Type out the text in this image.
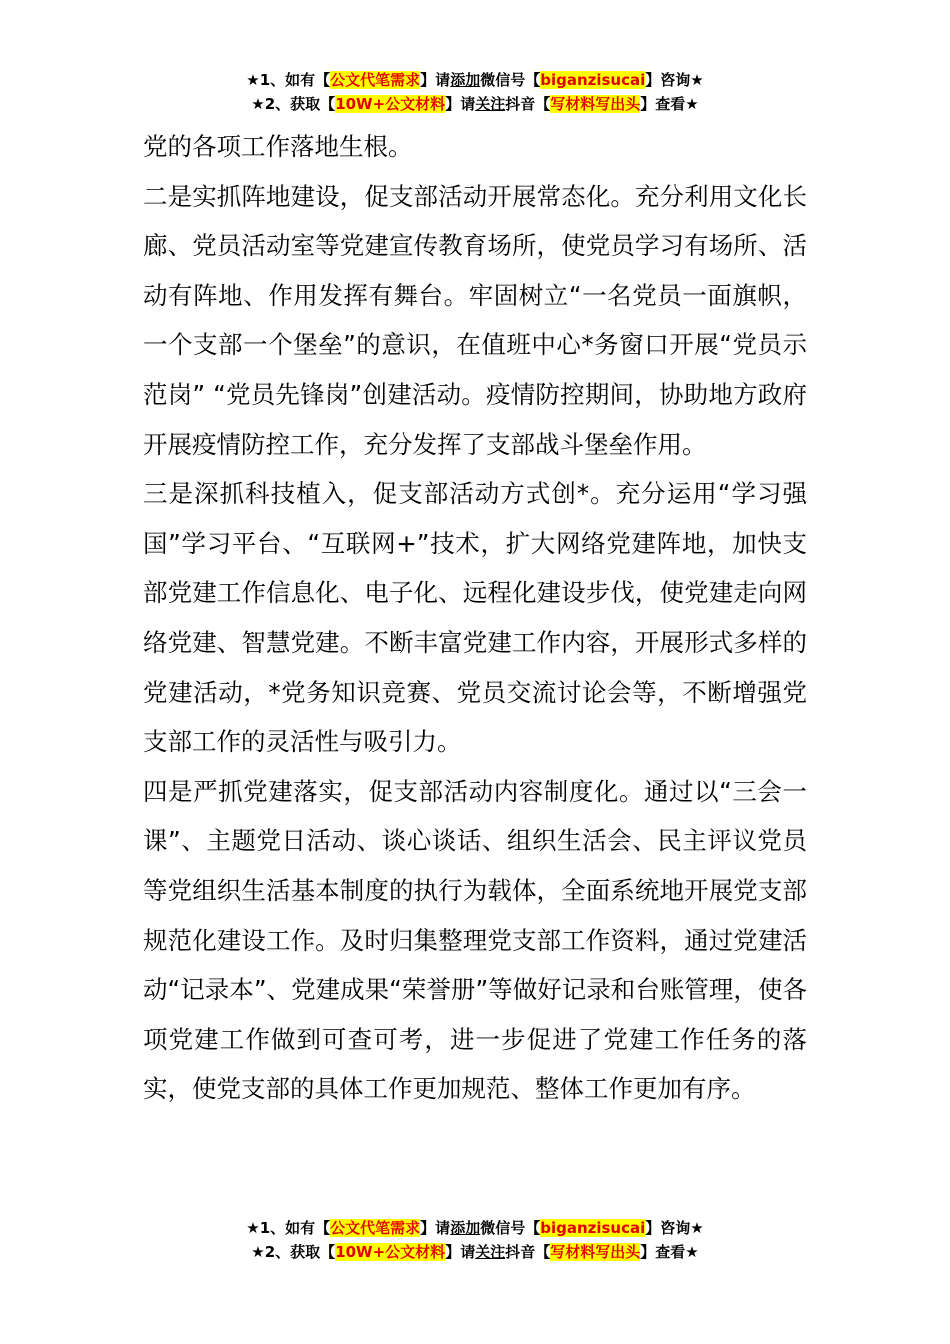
★1、如有【公文代笔需求】请添加微信号【biganzisucai】咨询★
★2、获取【10W+公文材料】请关注抖音【写材料写出头】查看★

党的各项工作落地生根。

二是实抓阵地建设，促支部活动开展常态化。充分利用文化长廊、党员活动室等党建宣传教育场所，使党员学习有场所、活动有阵地、作用发挥有舞台。牢固树立“一名党员一面旗帜，一个支部一个堡垒”的意识，在值班中心*务窗口开展“党员示范岗” “党员先锋岗”创建活动。疫情防控期间，协助地方政府开展疫情防控工作，充分发挥了支部战斗堡垒作用。

三是深抓科技植入，促支部活动方式创*。充分运用“学习强国”学习平台、“互联网+”技术，扩大网络党建阵地，加快支部党建工作信息化、电子化、远程化建设步伐，使党建走向网络党建、智慧党建。不断丰富党建工作内容，开展形式多样的党建活动，*党务知识竞赛、党员交流讨论会等，不断增强党支部工作的灵活性与吸引力。

四是严抓党建落实，促支部活动内容制度化。通过以“三会一课”、主题党日活动、谈心谈话、组织生活会、民主评议党员等党组织生活基本制度的执行为载体，全面系统地开展党支部规范化建设工作。及时归集整理党支部工作资料，通过党建活动“记录本”、党建成果“荣誉册”等做好记录和台账管理，使各项党建工作做到可查可考，进一步促进了党建工作任务的落实，使党支部的具体工作更加规范、整体工作更加有序。

★1、如有【公文代笔需求】请添加微信号【biganzisucai】咨询★
★2、获取【10W+公文材料】请关注抖音【写材料写出头】查看★
